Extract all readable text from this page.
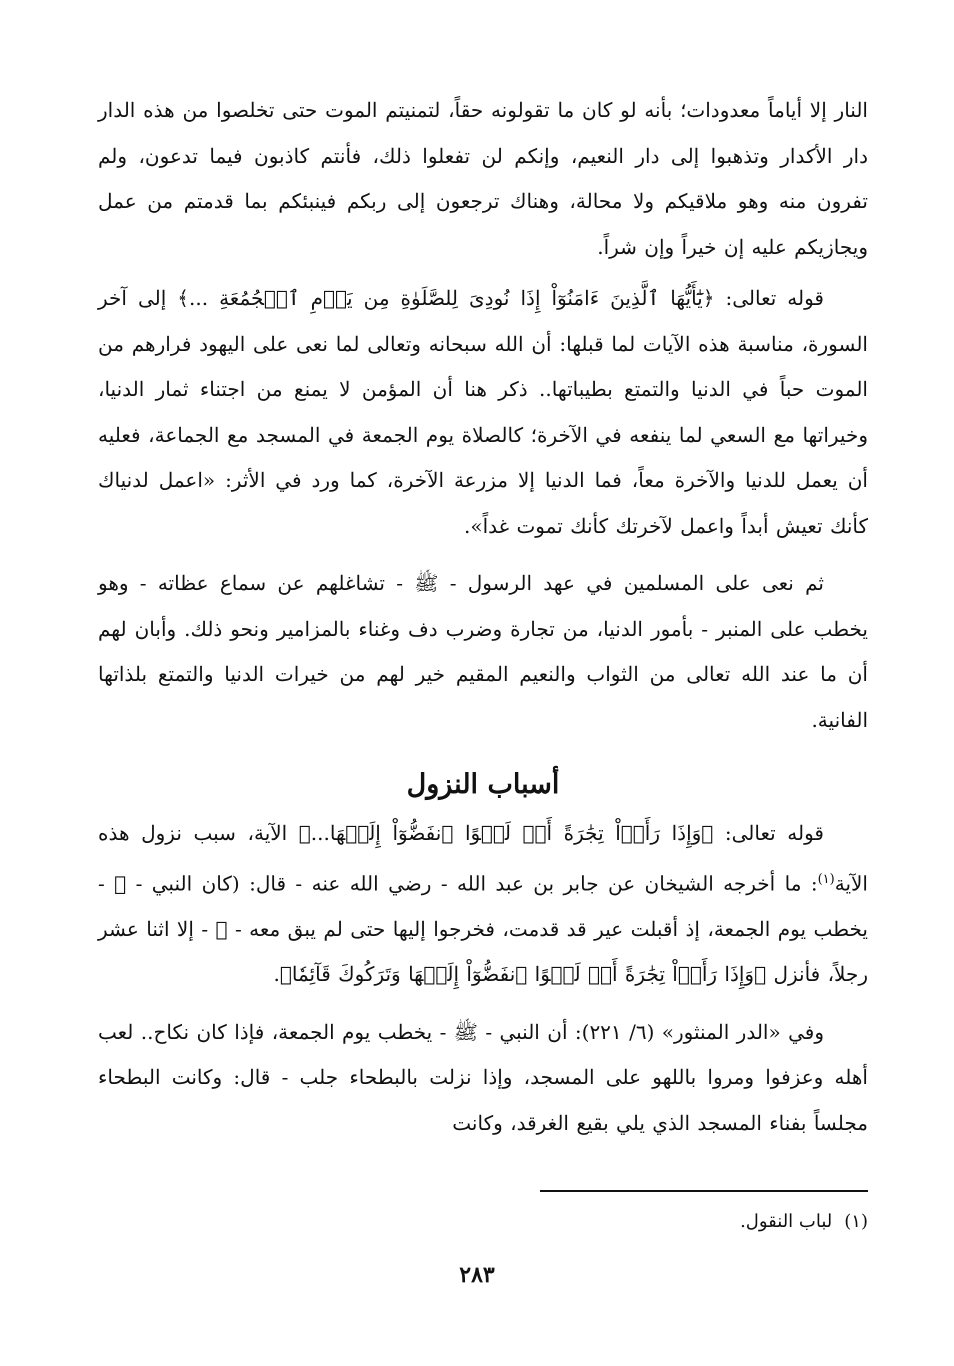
النار إلا أياماً معدودات؛ بأنه لو كان ما تقولونه حقاً، لتمنيتم الموت حتى تخلصوا من هذه الدار دار الأكدار وتذهبوا إلى دار النعيم، وإنكم لن تفعلوا ذلك، فأنتم كاذبون فيما تدعون، ولم تفرون منه وهو ملاقيكم ولا محالة، وهناك ترجعون إلى ربكم فينبئكم بما قدمتم من عمل ويجازيكم عليه إن خيراً وإن شراً.

قوله تعالى: ﴿يَٰٓأَيُّهَا ٱلَّذِينَ ءَامَنُوٓاْ إِذَا نُودِىَ لِلصَّلَوٰةِ مِن يَوۡمِ ٱلۡجُمُعَةِ ...﴾ إلى آخر السورة، مناسبة هذه الآيات لما قبلها: أن الله سبحانه وتعالى لما نعى على اليهود فرارهم من الموت حباً في الدنيا والتمتع بطيباتها.. ذكر هنا أن المؤمن لا يمنع من اجتناء ثمار الدنيا، وخيراتها مع السعي لما ينفعه في الآخرة؛ كالصلاة يوم الجمعة في المسجد مع الجماعة، فعليه أن يعمل للدنيا والآخرة معاً، فما الدنيا إلا مزرعة الآخرة، كما ورد في الأثر: «اعمل لدنياك كأنك تعيش أبداً واعمل لآخرتك كأنك تموت غداً».

ثم نعى على المسلمين في عهد الرسول - ﷺ - تشاغلهم عن سماع عظاته - وهو يخطب على المنبر - بأمور الدنيا، من تجارة وضرب دف وغناء بالمزامير ونحو ذلك. وأبان لهم أن ما عند الله تعالى من الثواب والنعيم المقيم خير لهم من خيرات الدنيا والتمتع بلذاتها الفانية.

أسباب النزول

قوله تعالى: ﴿وَإِذَا رَأَوۡاْ تِجَٰرَةً أَوۡ لَهۡوًا ٱنفَضُّوٓاْ إِلَيۡهَا...﴾ الآية، سبب نزول هذه الآية$^{(١)}$: ما أخرجه الشيخان عن جابر بن عبد الله - رضي الله عنه - قال: (كان النبي - ﷺ - يخطب يوم الجمعة، إذ أقبلت عير قد قدمت، فخرجوا إليها حتى لم يبق معه - ﷺ - إلا اثنا عشر رجلاً، فأنزل ﴿وَإِذَا رَأَوۡاْ تِجَٰرَةً أَوۡ لَهۡوًا ٱنفَضُّوٓاْ إِلَيۡهَا وَتَرَكُوكَ قَآئِمٗا﴾.

وفي «الدر المنثور» (٦/ ٢٢١): أن النبي - ﷺ - يخطب يوم الجمعة، فإذا كان نكاح.. لعب أهله وعزفوا ومروا باللهو على المسجد، وإذا نزلت بالبطحاء جلب - قال: وكانت البطحاء مجلساً بفناء المسجد الذي يلي بقيع الغرقد، وكانت

(١)لباب النقول.
٢٨٣
